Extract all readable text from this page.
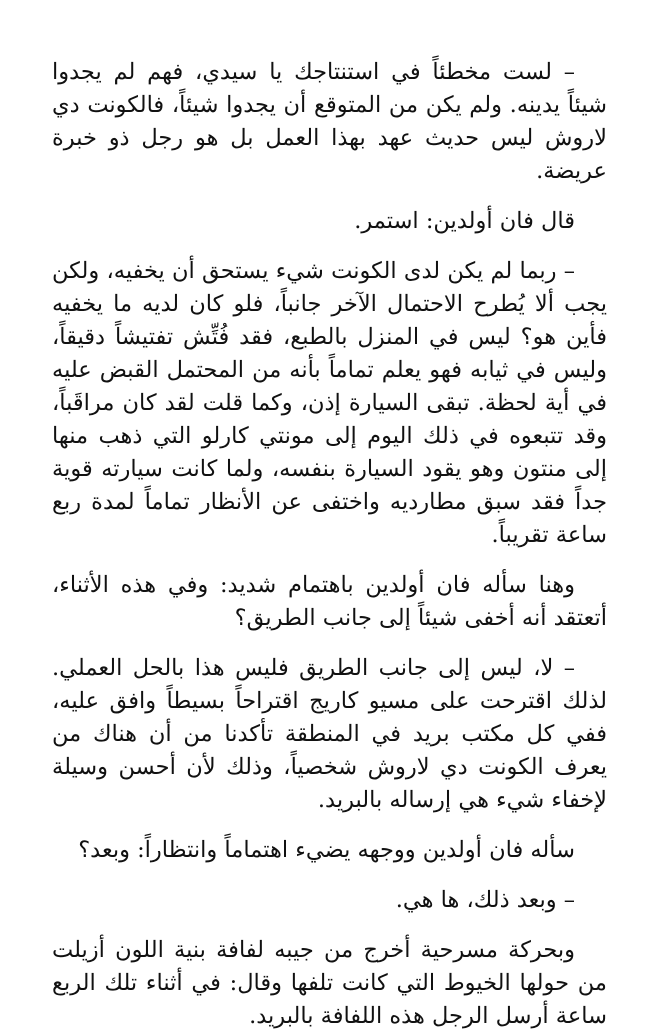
– لست مخطئاً في استنتاجك يا سيدي، فهم لم يجدوا شيئاً يدينه. ولم يكن من المتوقع أن يجدوا شيئاً، فالكونت دي لاروش ليس حديث عهد بهذا العمل بل هو رجل ذو خبرة عريضة.

قال فان أولدين: استمر.

– ربما لم يكن لدى الكونت شيء يستحق أن يخفيه، ولكن يجب ألا يُطرح الاحتمال الآخر جانباً، فلو كان لديه ما يخفيه فأين هو؟ ليس في المنزل بالطبع، فقد فُتِّش تفتيشاً دقيقاً، وليس في ثيابه فهو يعلم تماماً بأنه من المحتمل القبض عليه في أية لحظة. تبقى السيارة إذن، وكما قلت لقد كان مراقَباً، وقد تتبعوه في ذلك اليوم إلى مونتي كارلو التي ذهب منها إلى منتون وهو يقود السيارة بنفسه، ولما كانت سيارته قوية جداً فقد سبق مطارديه واختفى عن الأنظار تماماً لمدة ربع ساعة تقريباً.

وهنا سأله فان أولدين باهتمام شديد: وفي هذه الأثناء، أتعتقد أنه أخفى شيئاً إلى جانب الطريق؟

– لا، ليس إلى جانب الطريق فليس هذا بالحل العملي. لذلك اقترحت على مسيو كاريج اقتراحاً بسيطاً وافق عليه، ففي كل مكتب بريد في المنطقة تأكدنا من أن هناك من يعرف الكونت دي لاروش شخصياً، وذلك لأن أحسن وسيلة لإخفاء شيء هي إرساله بالبريد.

سأله فان أولدين ووجهه يضيء اهتماماً وانتظاراً: وبعد؟

– وبعد ذلك، ها هي.

وبحركة مسرحية أخرج من جيبه لفافة بنية اللون أزيلت من حولها الخيوط التي كانت تلفها وقال: في أثناء تلك الربع ساعة أرسل الرجل هذه اللفافة بالبريد.
